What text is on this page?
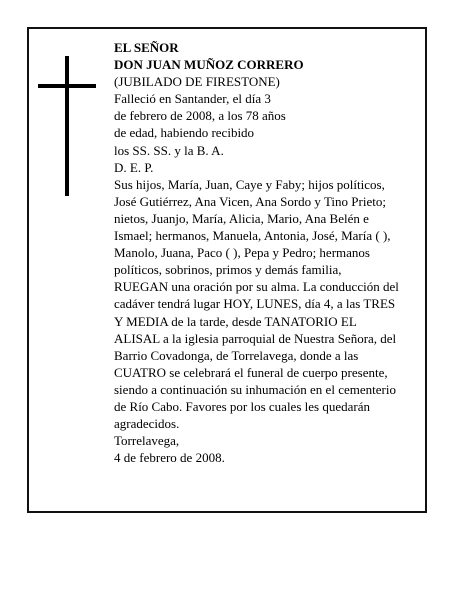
EL SEÑOR
DON JUAN MUÑOZ CORRERO
(JUBILADO DE FIRESTONE)
Falleció en Santander, el día 3
de febrero de 2008, a los 78 años
de edad, habiendo recibido
los SS. SS. y la B. A.
D. E. P.
Sus hijos, María, Juan, Caye y Faby; hijos políticos,
José Gutiérrez, Ana Vicen, Ana Sordo y Tino Prieto;
nietos, Juanjo, María, Alicia, Mario, Ana Belén e
Ismael; hermanos, Manuela, Antonia, José, María ( ),
Manolo, Juana, Paco ( ), Pepa y Pedro; hermanos
políticos, sobrinos, primos y demás familia,
RUEGAN una oración por su alma. La conducción del
cadáver tendrá lugar HOY, LUNES, día 4, a las TRES
Y MEDIA de la tarde, desde TANATORIO EL
ALISAL a la iglesia parroquial de Nuestra Señora, del
Barrio Covadonga, de Torrelavega, donde a las
CUATRO se celebrará el funeral de cuerpo presente,
siendo a continuación su inhumación en el cementerio
de Río Cabo. Favores por los cuales les quedarán
agradecidos.
Torrelavega,
4 de febrero de 2008.
